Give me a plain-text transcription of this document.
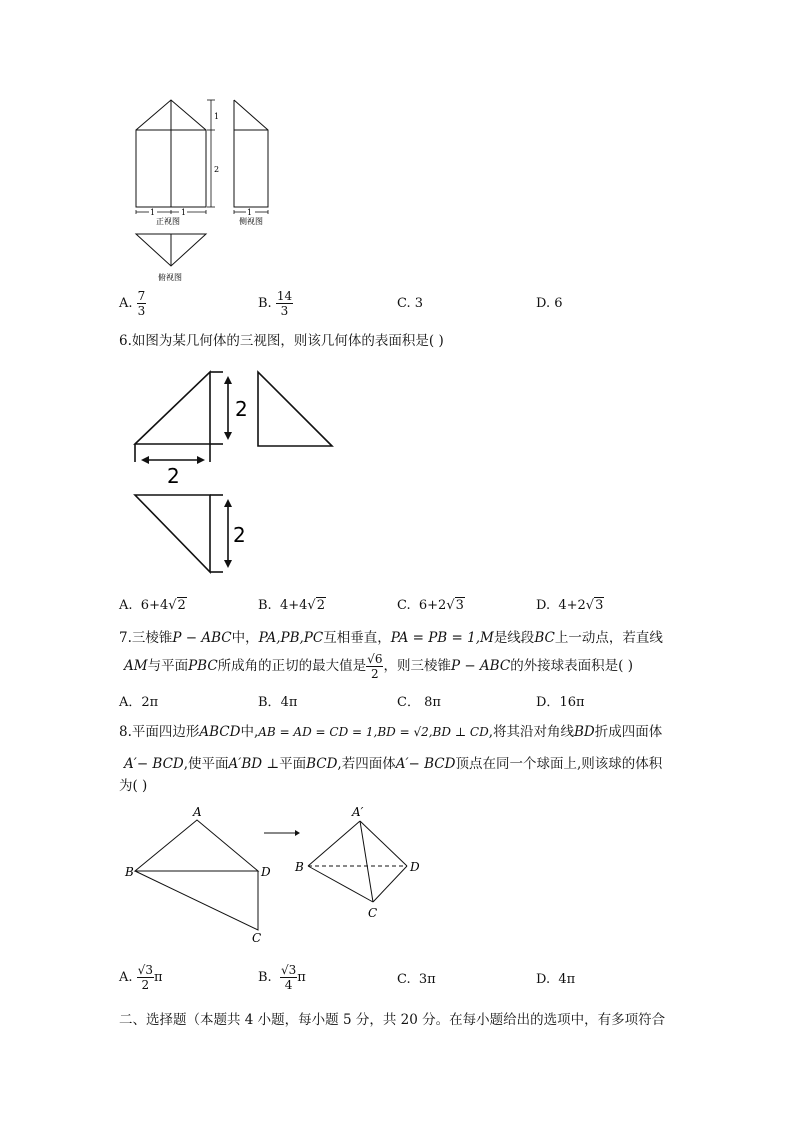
1
2
1	1
正视图
1
侧视图
俯视图
A. $\frac{7}{3}$	B. $\frac{14}{3}$	C. 3	D. 6
6.如图为某几何体的三视图，则该几何体的表面积是( )
2
2
2
A. 6+4√2	B. 4+4√2	C. 6+2√3	D. 4+2√3
7.三棱锥P − ABC中，PA,PB,PC互相垂直，PA = PB = 1,M是线段BC上一动点，若直线
AM与平面PBC所成角的正切的最大值是 $\frac{√6}{2}$ ，则三棱锥P − ABC的外接球表面积是( )
A．2π	B．4π	C． 8π	D．16π
8.平面四边形ABCD中,AB = AD = CD = 1,BD = √2,BD ⊥ CD,将其沿对角线BD折成四面体
A′− BCD,使平面A′BD ⊥平面BCD,若四面体A′− BCD顶点在同一个球面上,则该球的体积
为( )
A
B	D
C
A′
B	D
C
A. $\frac{√3}{2}$ π	B. $\frac{√3}{4}$ π	C. 3π	D. 4π
二、选择题（本题共 4 小题，每小题 5 分，共 20 分。在每小题给出的选项中，有多项符合
